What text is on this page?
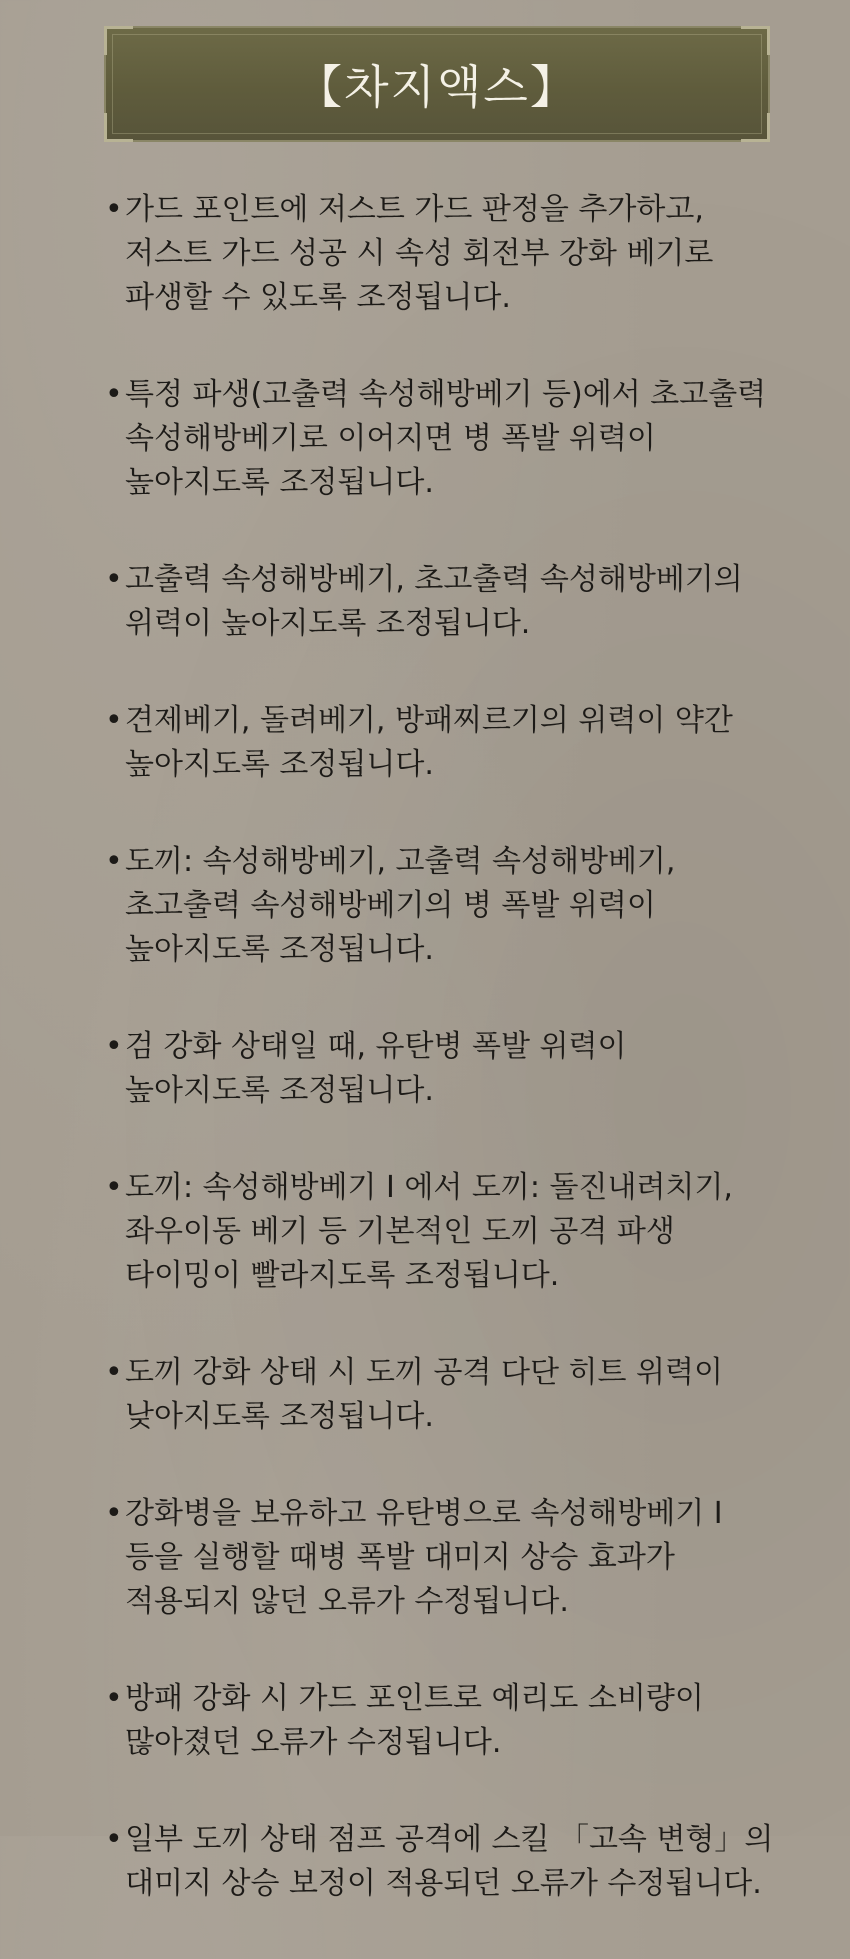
【차지액스】
• 가드 포인트에 저스트 가드 판정을 추가하고, 저스트 가드 성공 시 속성 회전부 강화 베기로 파생할 수 있도록 조정됩니다.
• 특정 파생(고출력 속성해방베기 등)에서 초고출력 속성해방베기로 이어지면 병 폭발 위력이 높아지도록 조정됩니다.
• 고출력 속성해방베기, 초고출력 속성해방베기의 위력이 높아지도록 조정됩니다.
• 견제베기, 돌려베기, 방패찌르기의 위력이 약간 높아지도록 조정됩니다.
• 도끼: 속성해방베기, 고출력 속성해방베기, 초고출력 속성해방베기의 병 폭발 위력이 높아지도록 조정됩니다.
• 검 강화 상태일 때, 유탄병 폭발 위력이 높아지도록 조정됩니다.
• 도끼: 속성해방베기 I 에서 도끼: 돌진내려치기, 좌우이동 베기 등 기본적인 도끼 공격 파생 타이밍이 빨라지도록 조정됩니다.
• 도끼 강화 상태 시 도끼 공격 다단 히트 위력이 낮아지도록 조정됩니다.
• 강화병을 보유하고 유탄병으로 속성해방베기 I 등을 실행할 때병 폭발 대미지 상승 효과가 적용되지 않던 오류가 수정됩니다.
• 방패 강화 시 가드 포인트로 예리도 소비량이 많아졌던 오류가 수정됩니다.
• 일부 도끼 상태 점프 공격에 스킬 「고속 변형」의 대미지 상승 보정이 적용되던 오류가 수정됩니다.
